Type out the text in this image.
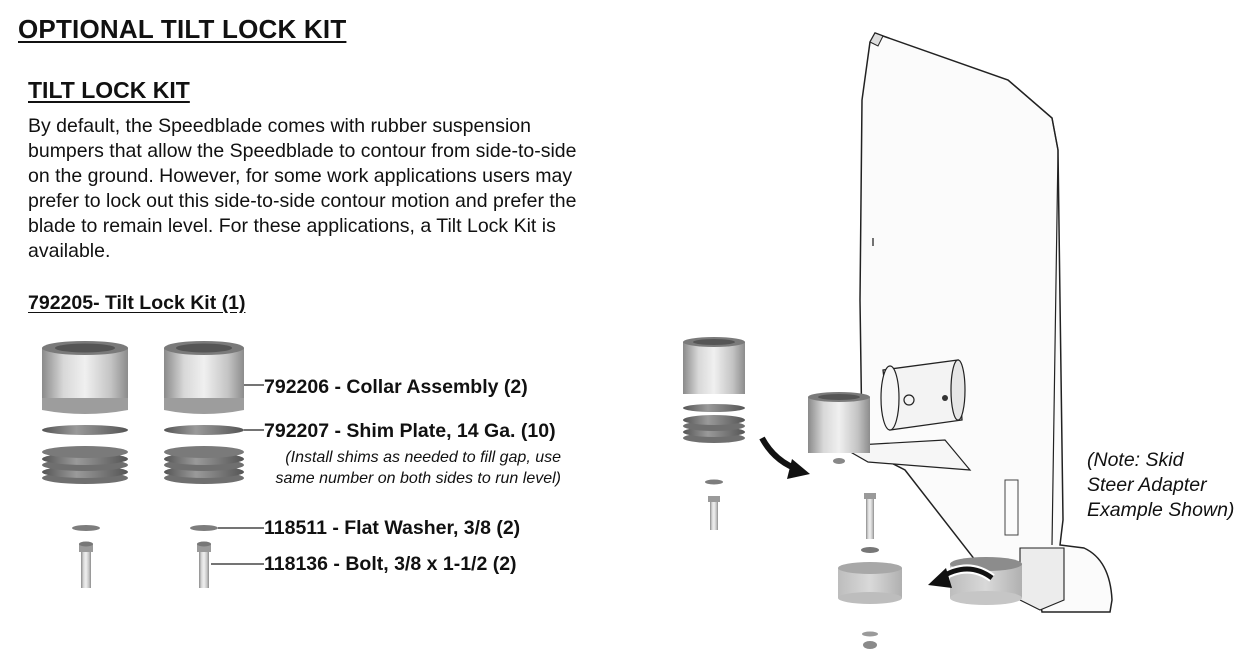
OPTIONAL TILT LOCK KIT
TILT LOCK KIT
By default, the Speedblade comes with rubber suspension
bumpers that allow the Speedblade to contour from side-to-side
on the ground. However, for some work applications users may
prefer to lock out this side-to-side contour motion and prefer the
blade to remain level. For these applications, a Tilt Lock Kit is
available.
792205- Tilt Lock Kit (1)
792206 - Collar Assembly (2)
792207 - Shim Plate, 14 Ga. (10)
(Install shims as needed to fill gap, use
same number on both sides to run level)
118511 - Flat Washer, 3/8 (2)
118136 - Bolt, 3/8 x 1-1/2 (2)
(Note: Skid
Steer Adapter
Example Shown)
